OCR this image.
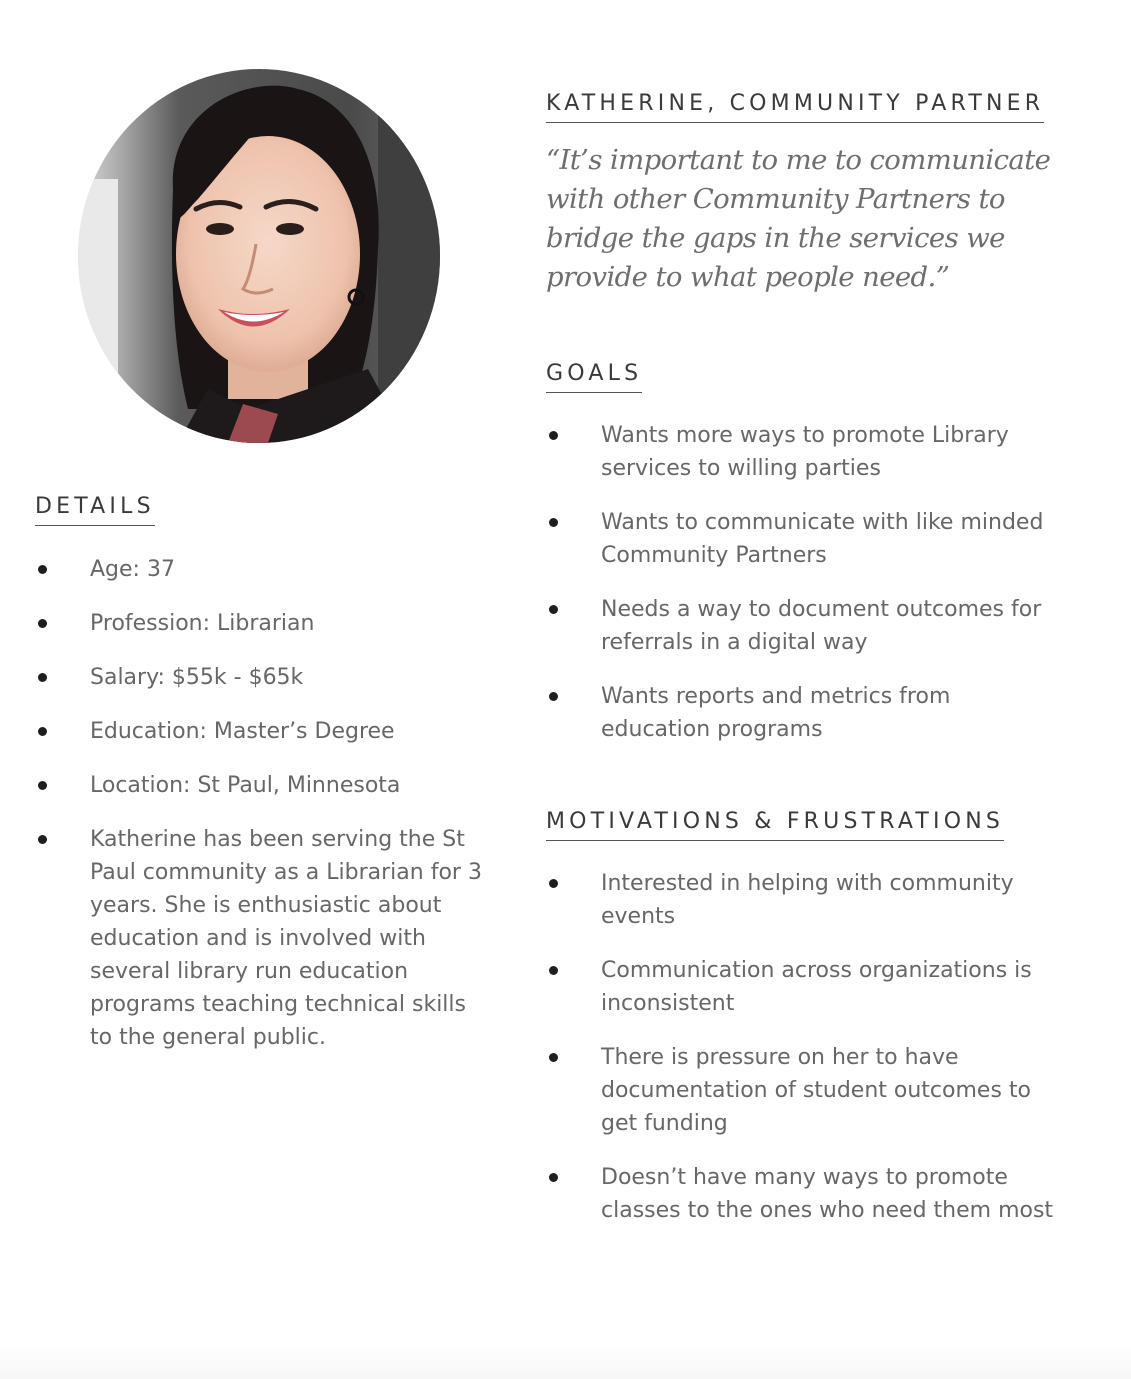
KATHERINE, COMMUNITY PARTNER

“It’s important to me to communicate with other Community Partners to bridge the gaps in the services we provide to what people need.”

GOALS
Wants more ways to promote Library services to willing parties
Wants to communicate with like minded Community Partners
Needs a way to document outcomes for referrals in a digital way
Wants reports and metrics from education programs
MOTIVATIONS & FRUSTRATIONS
Interested in helping with community events
Communication across organizations is inconsistent
There is pressure on her to have documentation of student outcomes to get funding
Doesn’t have many ways to promote classes to the ones who need them most
DETAILS
Age: 37
Profession: Librarian
Salary: $55k - $65k
Education: Master’s Degree
Location: St Paul, Minnesota
Katherine has been serving the St Paul community as a Librarian for 3 years. She is enthusiastic about education and is involved with several library run education programs teaching technical skills to the general public.
